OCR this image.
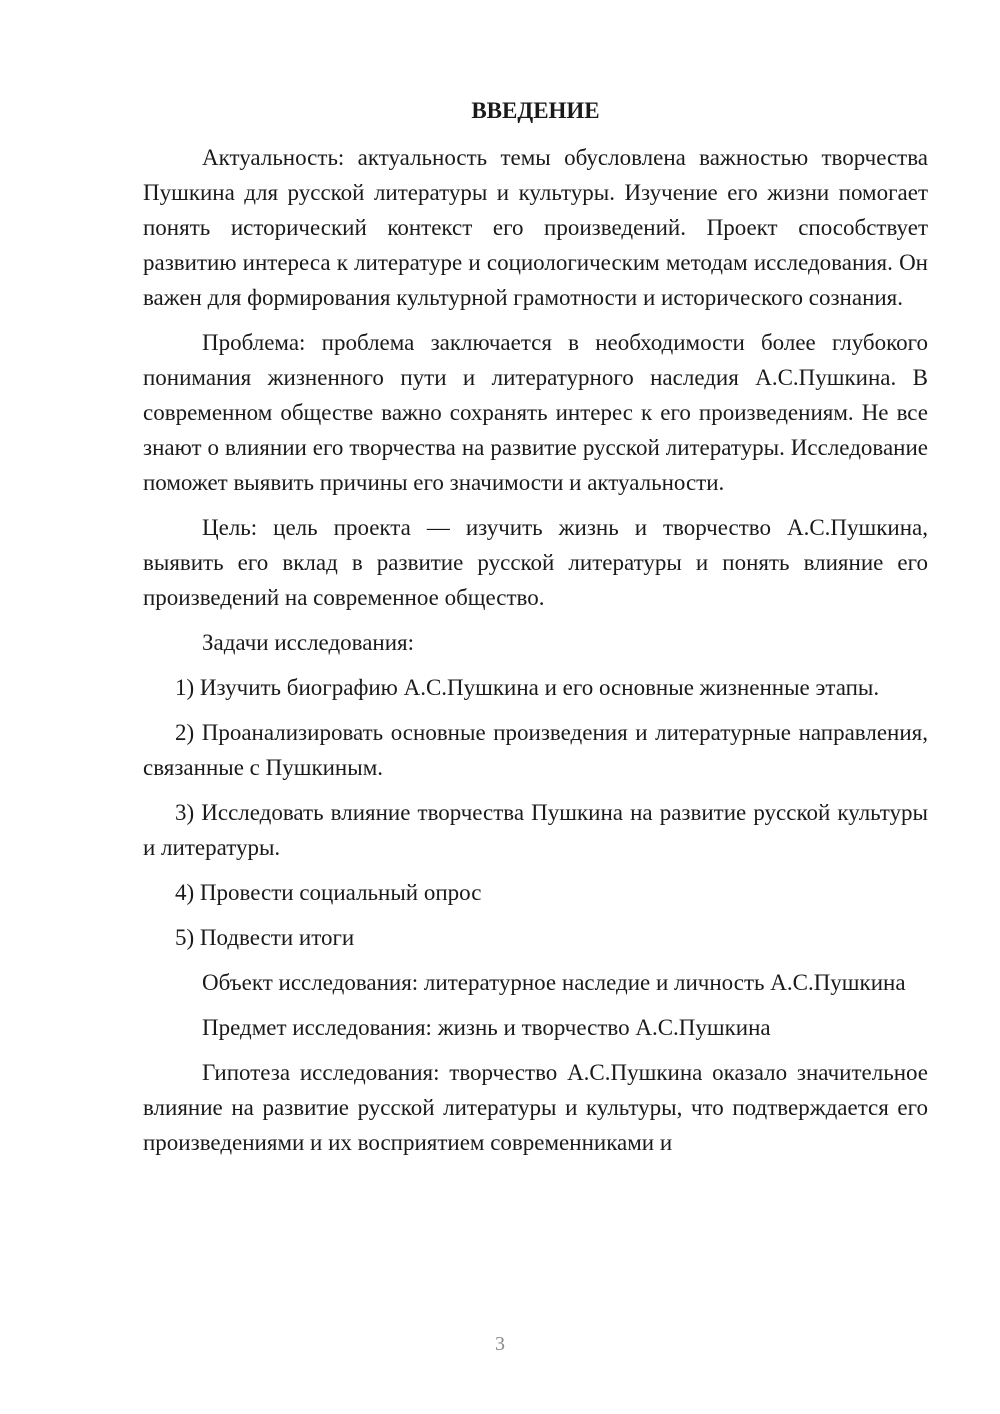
ВВЕДЕНИЕ

Актуальность: актуальность темы обусловлена важностью творчества Пушкина для русской литературы и культуры. Изучение его жизни помогает понять исторический контекст его произведений. Проект способствует развитию интереса к литературе и социологическим методам исследования. Он важен для формирования культурной грамотности и исторического сознания.

Проблема: проблема заключается в необходимости более глубокого понимания жизненного пути и литературного наследия А.С.Пушкина. В современном обществе важно сохранять интерес к его произведениям. Не все знают о влиянии его творчества на развитие русской литературы. Исследование поможет выявить причины его значимости и актуальности.

Цель: цель проекта — изучить жизнь и творчество А.С.Пушкина, выявить его вклад в развитие русской литературы и понять влияние его произведений на современное общество.

Задачи исследования:

1) Изучить биографию А.С.Пушкина и его основные жизненные этапы.

2) Проанализировать основные произведения и литературные направления, связанные с Пушкиным.

3) Исследовать влияние творчества Пушкина на развитие русской культуры и литературы.

4) Провести социальный опрос

5) Подвести итоги

Объект исследования: литературное наследие и личность А.С.Пушкина

Предмет исследования: жизнь и творчество А.С.Пушкина

Гипотеза исследования: творчество А.С.Пушкина оказало значительное влияние на развитие русской литературы и культуры, что подтверждается его произведениями и их восприятием современниками и

3
